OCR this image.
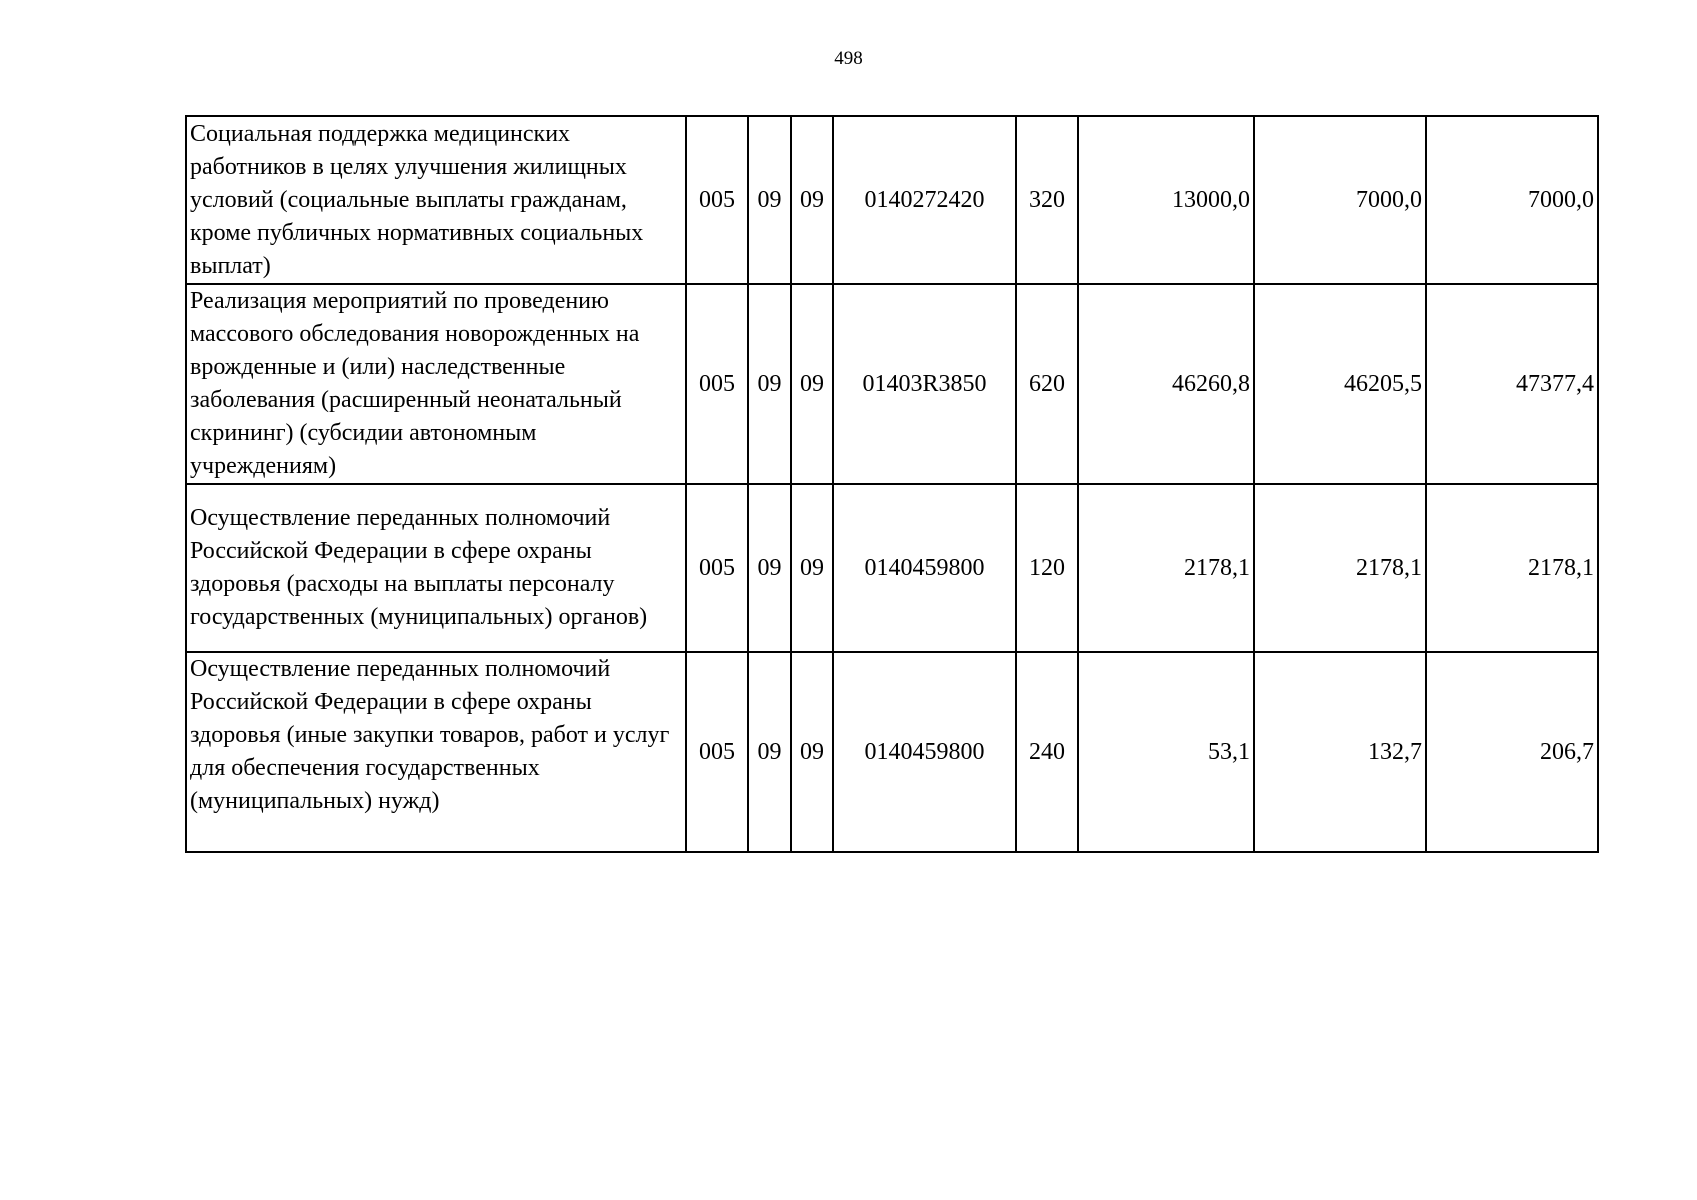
498
Социальная поддержка медицинских работников в целях улучшения жилищных условий (социальные выплаты гражданам, кроме публичных нормативных социальных выплат)	005	09	09	0140272420	320	13000,0	7000,0	7000,0
Реализация мероприятий по проведению массового обследования новорожденных на врожденные и (или) наследственные заболевания (расширенный неонатальный скрининг) (субсидии автономным учреждениям)	005	09	09	01403R3850	620	46260,8	46205,5	47377,4
Осуществление переданных полномочий Российской Федерации в сфере охраны здоровья (расходы на выплаты персоналу государственных (муниципальных) органов)	005	09	09	0140459800	120	2178,1	2178,1	2178,1
Осуществление переданных полномочий Российской Федерации в сфере охраны здоровья (иные закупки товаров, работ и услуг для обеспечения государственных (муниципальных) нужд)	005	09	09	0140459800	240	53,1	132,7	206,7
